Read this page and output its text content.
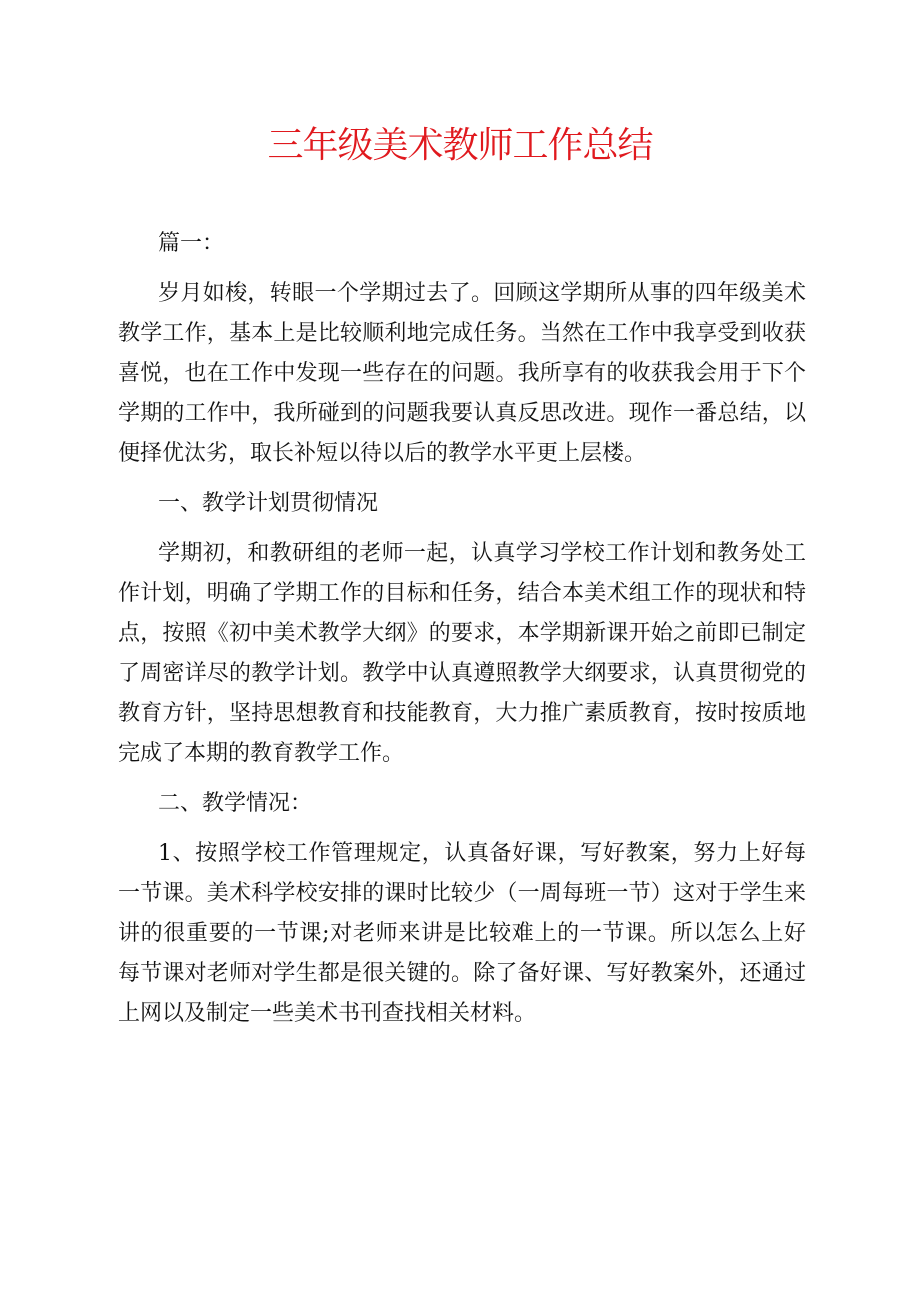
三年级美术教师工作总结

篇一：

岁月如梭，转眼一个学期过去了。回顾这学期所从事的四年级美术教学工作，基本上是比较顺利地完成任务。当然在工作中我享受到收获喜悦，也在工作中发现一些存在的问题。我所享有的收获我会用于下个学期的工作中，我所碰到的问题我要认真反思改进。现作一番总结，以便择优汰劣，取长补短以待以后的教学水平更上层楼。

一、教学计划贯彻情况

学期初，和教研组的老师一起，认真学习学校工作计划和教务处工作计划，明确了学期工作的目标和任务，结合本美术组工作的现状和特点，按照《初中美术教学大纲》的要求，本学期新课开始之前即已制定了周密详尽的教学计划。教学中认真遵照教学大纲要求，认真贯彻党的教育方针，坚持思想教育和技能教育，大力推广素质教育，按时按质地完成了本期的教育教学工作。

二、教学情况：

1、按照学校工作管理规定，认真备好课，写好教案，努力上好每一节课。美术科学校安排的课时比较少（一周每班一节）这对于学生来讲的很重要的一节课;对老师来讲是比较难上的一节课。所以怎么上好每节课对老师对学生都是很关键的。除了备好课、写好教案外，还通过上网以及制定一些美术书刊查找相关材料。
